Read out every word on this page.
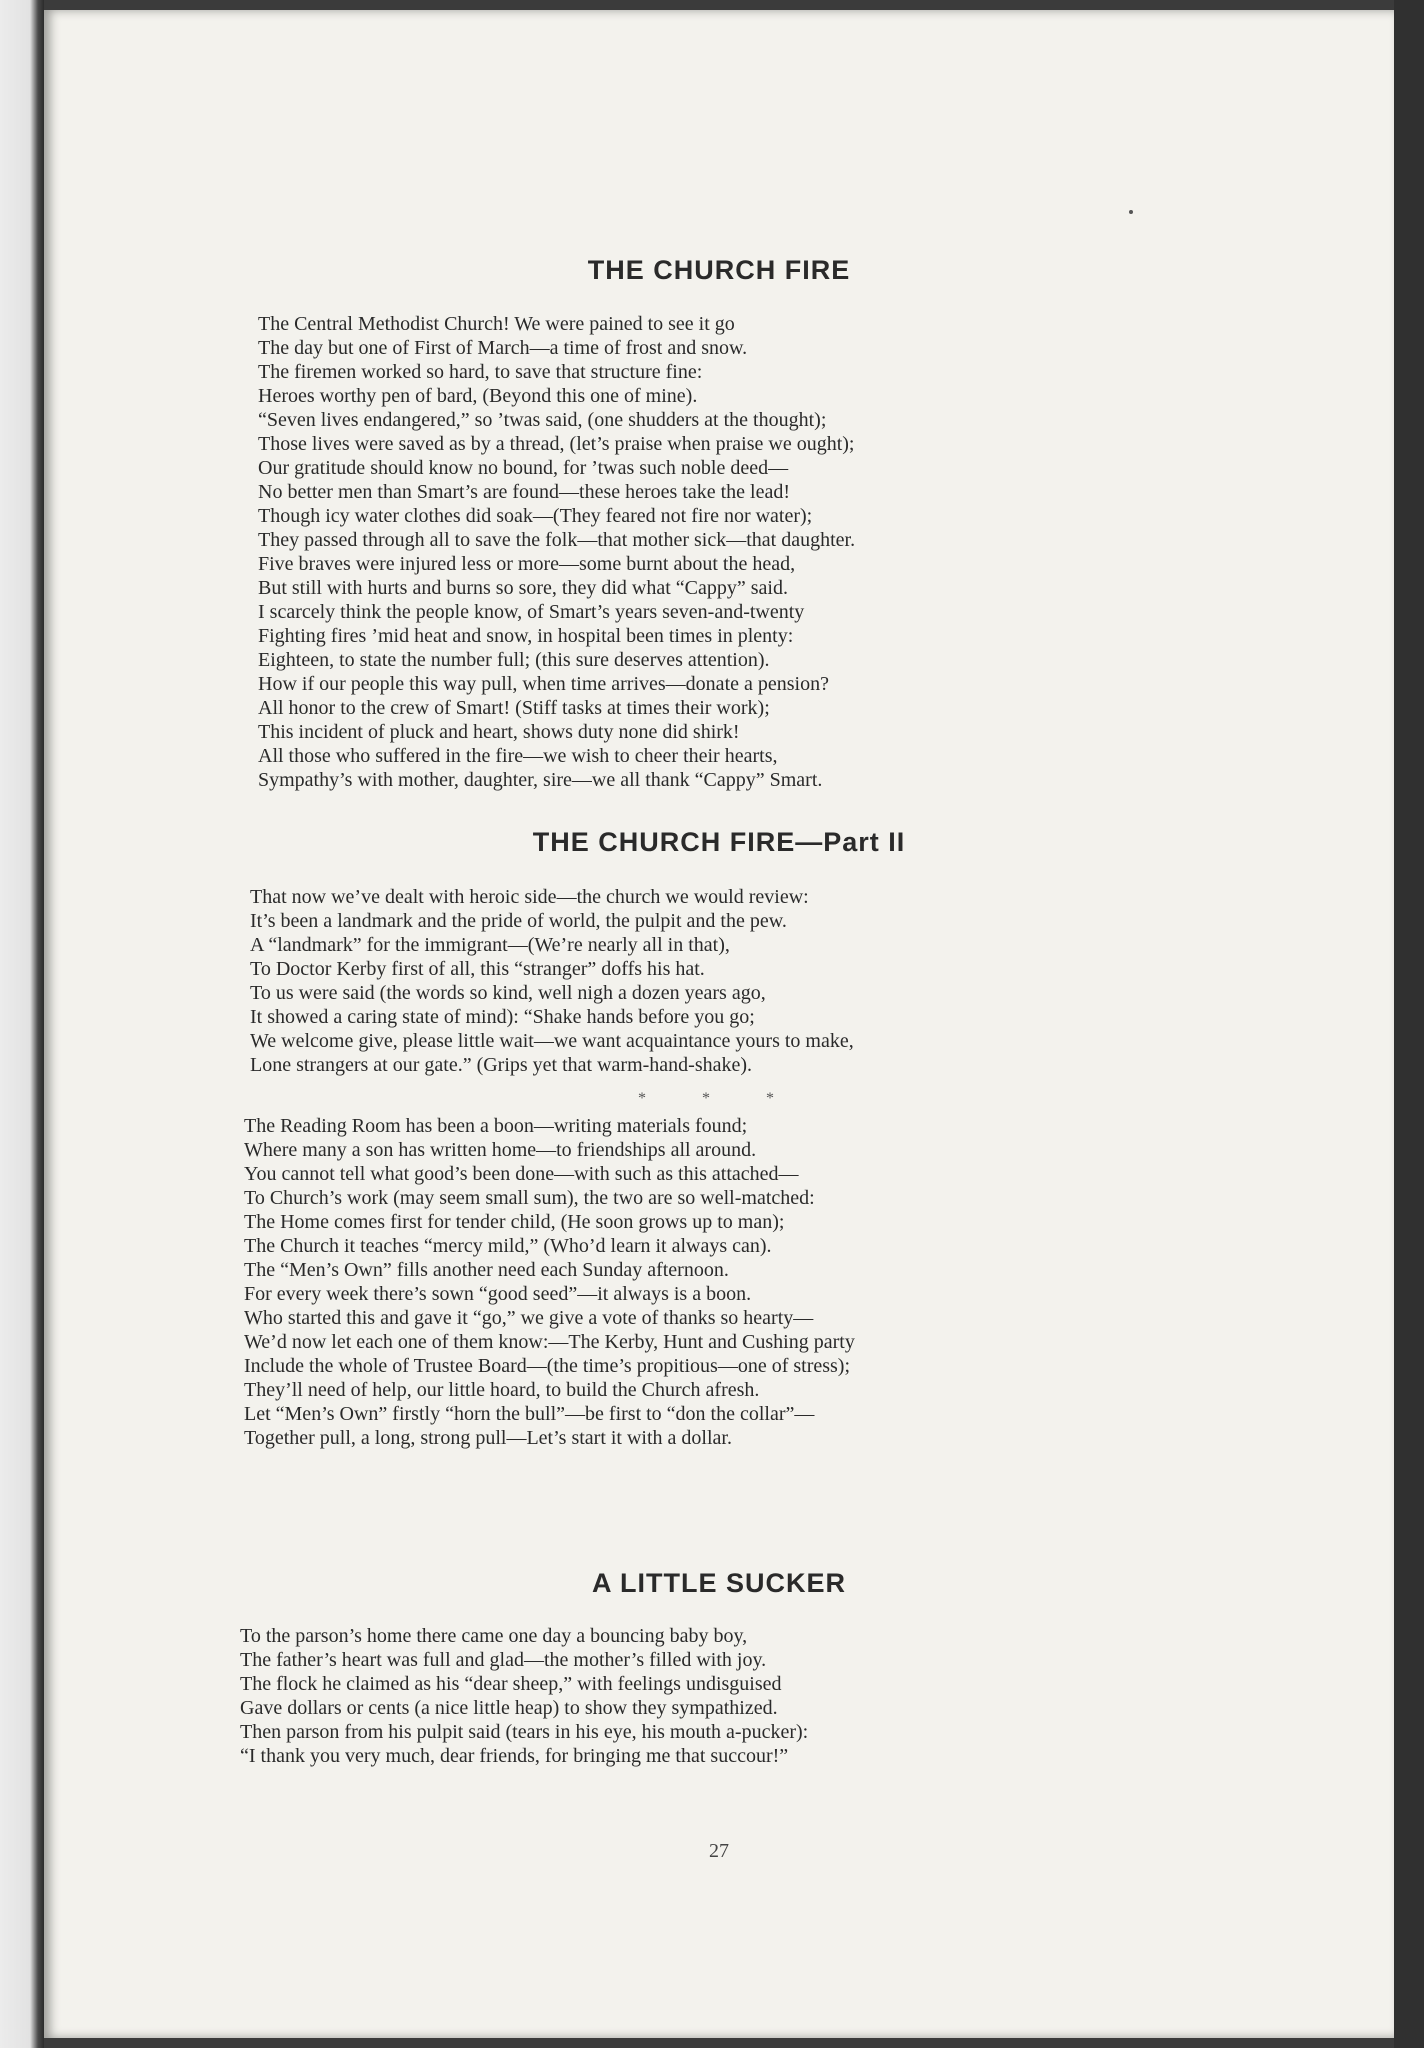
THE CHURCH FIRE
The Central Methodist Church! We were pained to see it go
The day but one of First of March—a time of frost and snow.
The firemen worked so hard, to save that structure fine:
Heroes worthy pen of bard, (Beyond this one of mine).
“Seven lives endangered,” so ’twas said, (one shudders at the thought);
Those lives were saved as by a thread, (let’s praise when praise we ought);
Our gratitude should know no bound, for ’twas such noble deed—
No better men than Smart’s are found—these heroes take the lead!
Though icy water clothes did soak—(They feared not fire nor water);
They passed through all to save the folk—that mother sick—that daughter.
Five braves were injured less or more—some burnt about the head,
But still with hurts and burns so sore, they did what “Cappy” said.
I scarcely think the people know, of Smart’s years seven-and-twenty
Fighting fires ’mid heat and snow, in hospital been times in plenty:
Eighteen, to state the number full; (this sure deserves attention).
How if our people this way pull, when time arrives—donate a pension?
All honor to the crew of Smart! (Stiff tasks at times their work);
This incident of pluck and heart, shows duty none did shirk!
All those who suffered in the fire—we wish to cheer their hearts,
Sympathy’s with mother, daughter, sire—we all thank “Cappy” Smart.
THE CHURCH FIRE—Part II
That now we’ve dealt with heroic side—the church we would review:
It’s been a landmark and the pride of world, the pulpit and the pew.
A “landmark” for the immigrant—(We’re nearly all in that),
To Doctor Kerby first of all, this “stranger” doffs his hat.
To us were said (the words so kind, well nigh a dozen years ago,
It showed a caring state of mind): “Shake hands before you go;
We welcome give, please little wait—we want acquaintance yours to make,
Lone strangers at our gate.” (Grips yet that warm-hand-shake).
* * *
The Reading Room has been a boon—writing materials found;
Where many a son has written home—to friendships all around.
You cannot tell what good’s been done—with such as this attached—
To Church’s work (may seem small sum), the two are so well-matched:
The Home comes first for tender child, (He soon grows up to man);
The Church it teaches “mercy mild,” (Who’d learn it always can).
The “Men’s Own” fills another need each Sunday afternoon.
For every week there’s sown “good seed”—it always is a boon.
Who started this and gave it “go,” we give a vote of thanks so hearty—
We’d now let each one of them know:—The Kerby, Hunt and Cushing party
Include the whole of Trustee Board—(the time’s propitious—one of stress);
They’ll need of help, our little hoard, to build the Church afresh.
Let “Men’s Own” firstly “horn the bull”—be first to “don the collar”—
Together pull, a long, strong pull—Let’s start it with a dollar.
A LITTLE SUCKER
To the parson’s home there came one day a bouncing baby boy,
The father’s heart was full and glad—the mother’s filled with joy.
The flock he claimed as his “dear sheep,” with feelings undisguised
Gave dollars or cents (a nice little heap) to show they sympathized.
Then parson from his pulpit said (tears in his eye, his mouth a-pucker):
“I thank you very much, dear friends, for bringing me that succour!”
27
